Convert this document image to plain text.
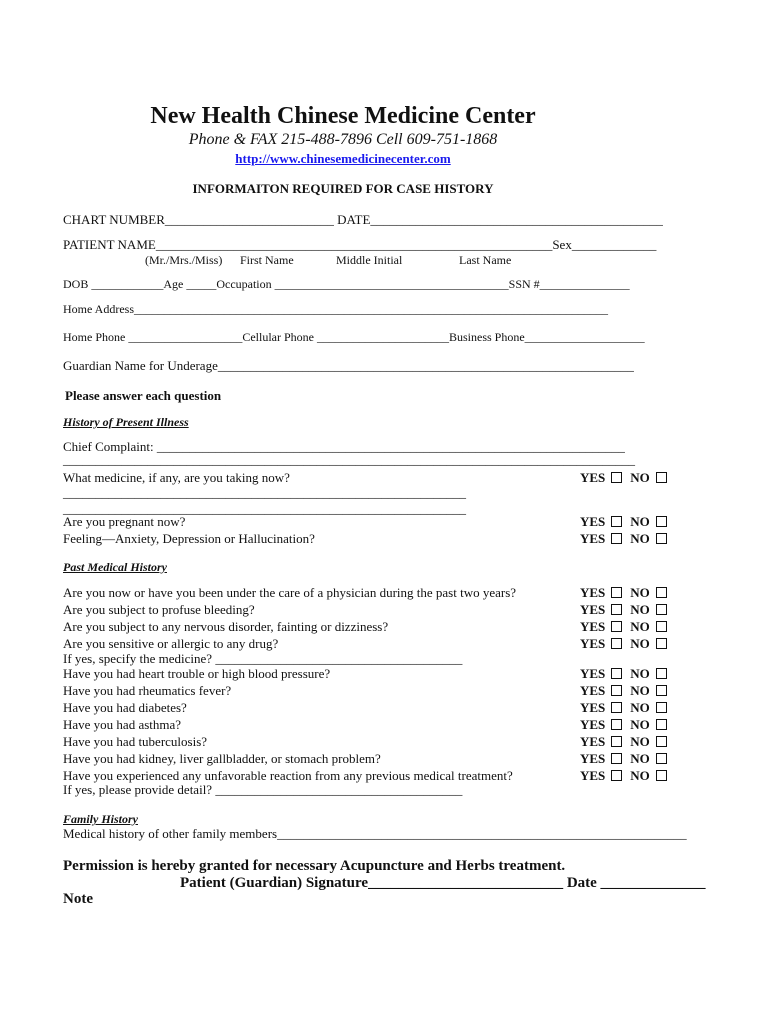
New Health Chinese Medicine Center
Phone & FAX 215-488-7896 Cell 609-751-1868
http://www.chinesemedicinecenter.com
INFORMAITON REQUIRED FOR CASE HISTORY
CHART NUMBER__________________________ DATE_____________________________________________
PATIENT NAME_____________________________________________________________Sex_____________
(Mr./Mrs./Miss) First Name	Middle Initial	Last Name
DOB ____________Age _____Occupation _______________________________________SSN #_______________
Home Address_______________________________________________________________________________
Home Phone ___________________Cellular Phone ______________________Business Phone____________________
Guardian Name for Underage________________________________________________________________
Please answer each question
History of Present Illness
Chief Complaint: ________________________________________________________________________
________________________________________________________________________________________
What medicine, if any, are you taking now?	YES NO
______________________________________________________________
______________________________________________________________
Are you pregnant now?	YES NO
Feeling—Anxiety, Depression or Hallucination?	YES NO
Past Medical History
Are you now or have you been under the care of a physician during the past two years?	YES NO
Are you subject to profuse bleeding?	YES NO
Are you subject to any nervous disorder, fainting or dizziness?	YES NO
Are you sensitive or allergic to any drug?	YES NO
If yes, specify the medicine? ______________________________________
Have you had heart trouble or high blood pressure?	YES NO
Have you had rheumatics fever?	YES NO
Have you had diabetes?	YES NO
Have you had asthma?	YES NO
Have you had tuberculosis?	YES NO
Have you had kidney, liver gallbladder, or stomach problem?	YES NO
Have you experienced any unfavorable reaction from any previous medical treatment?	YES NO
If yes, please provide detail? ______________________________________
Family History
Medical history of other family members_______________________________________________________________
Permission is hereby granted for necessary Acupuncture and Herbs treatment.
Patient (Guardian) Signature__________________________ Date ______________
Note
